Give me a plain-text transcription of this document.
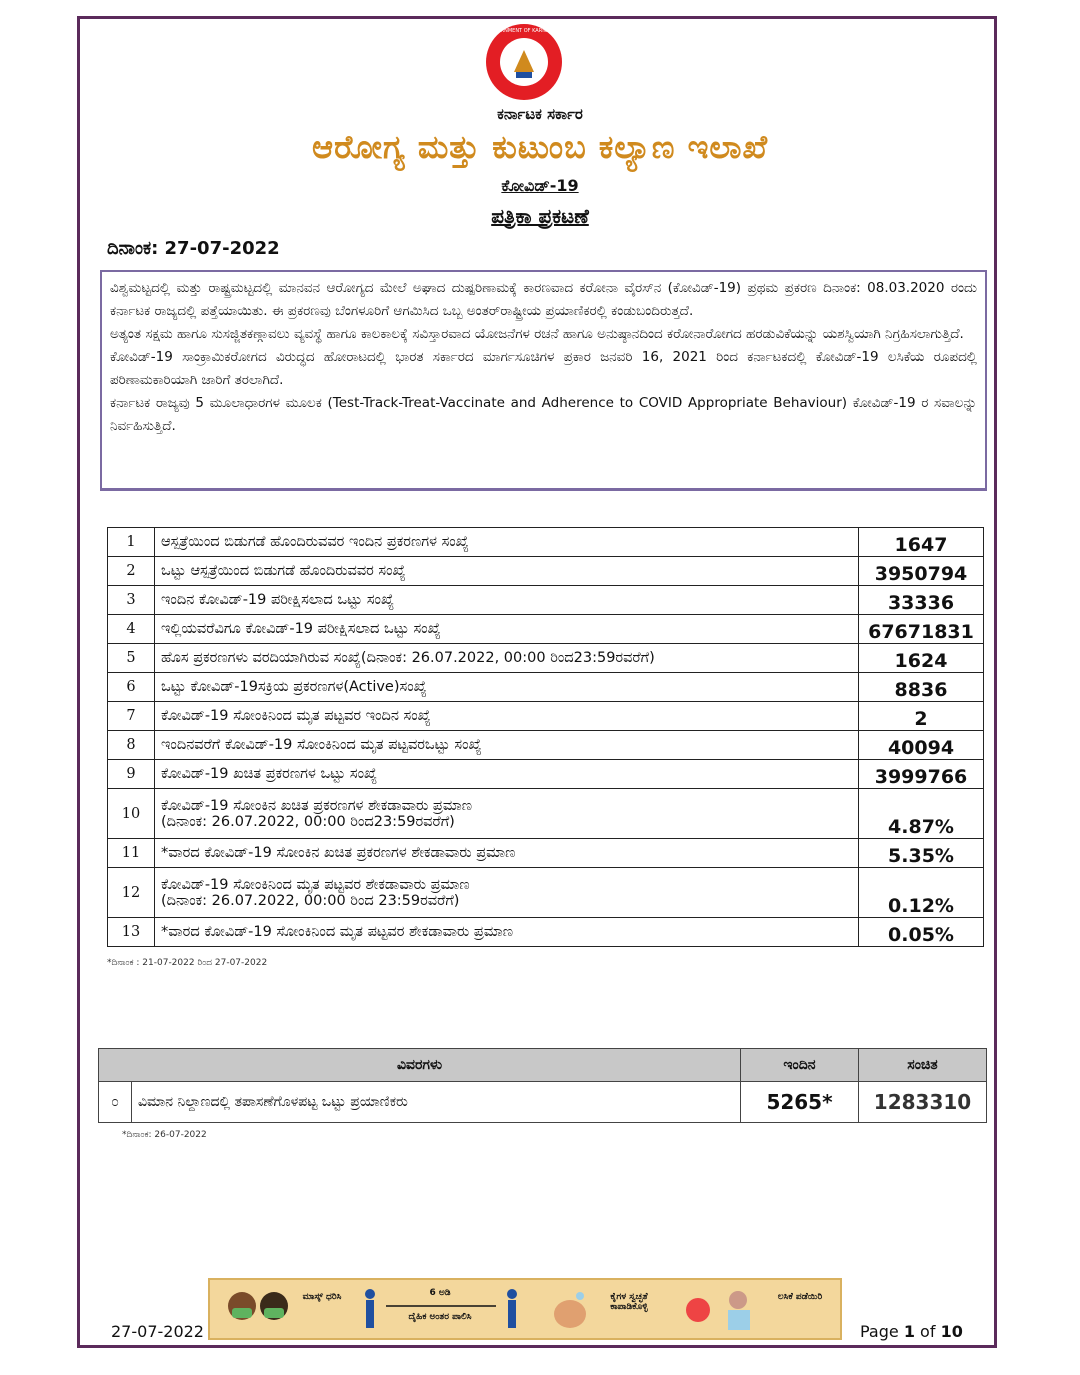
GOVERNMENT OF KARNATAKA
ಕರ್ನಾಟಕ ಸರ್ಕಾರ
ಆರೋಗ್ಯ ಮತ್ತು ಕುಟುಂಬ ಕಲ್ಯಾಣ ಇಲಾಖೆ
ಕೋವಿಡ್-19
ಪತ್ರಿಕಾ ಪ್ರಕಟಣೆ
ದಿನಾಂಕ: 27-07-2022

ವಿಶ್ವಮಟ್ಟದಲ್ಲಿ ಮತ್ತು ರಾಷ್ಟ್ರಮಟ್ಟದಲ್ಲಿ ಮಾನವನ ಆರೋಗ್ಯದ ಮೇಲೆ ಅಘಾದ ದುಷ್ಪರಿಣಾಮಕ್ಕೆ ಕಾರಣವಾದ ಕರೋನಾ ವೈರಸ್‌ನ (ಕೋವಿಡ್-19) ಪ್ರಥಮ ಪ್ರಕರಣ ದಿನಾಂಕ: 08.03.2020 ರಂದು ಕರ್ನಾಟಕ ರಾಜ್ಯದಲ್ಲಿ ಪತ್ತೆಯಾಯಿತು. ಈ ಪ್ರಕರಣವು ಬೆಂಗಳೂರಿಗೆ ಆಗಮಿಸಿದ ಒಬ್ಬ ಅಂತರ್‌ರಾಷ್ಟ್ರೀಯ ಪ್ರಯಾಣಿಕರಲ್ಲಿ ಕಂಡುಬಂದಿರುತ್ತದೆ.

ಅತ್ಯಂತ ಸಕ್ಷಮ ಹಾಗೂ ಸುಸಜ್ಜಿತಕಣ್ಗಾವಲು ವ್ಯವಸ್ಥೆ ಹಾಗೂ ಕಾಲಕಾಲಕ್ಕೆ ಸವಿಸ್ತಾರವಾದ ಯೋಜನೆಗಳ ರಚನೆ ಹಾಗೂ ಅನುಷ್ಠಾನದಿಂದ ಕರೋನಾರೋಗದ ಹರಡುವಿಕೆಯನ್ನು ಯಶಸ್ವಿಯಾಗಿ ನಿಗ್ರಹಿಸಲಾಗುತ್ತಿದೆ.

ಕೋವಿಡ್-19 ಸಾಂಕ್ರಾಮಿಕರೋಗದ ವಿರುದ್ಧದ ಹೋರಾಟದಲ್ಲಿ ಭಾರತ ಸರ್ಕಾರದ ಮಾರ್ಗಸೂಚಿಗಳ ಪ್ರಕಾರ ಜನವರಿ 16, 2021 ರಿಂದ ಕರ್ನಾಟಕದಲ್ಲಿ ಕೋವಿಡ್-19 ಲಸಿಕೆಯ ರೂಪದಲ್ಲಿ ಪರಿಣಾಮಕಾರಿಯಾಗಿ ಜಾರಿಗೆ ತರಲಾಗಿದೆ.

ಕರ್ನಾಟಕ ರಾಜ್ಯವು 5 ಮೂಲಾಧಾರಗಳ ಮೂಲಕ (Test-Track-Treat-Vaccinate and Adherence to COVID Appropriate Behaviour) ಕೋವಿಡ್-19 ರ ಸವಾಲನ್ನು ನಿರ್ವಹಿಸುತ್ತಿದೆ.

1	ಆಸ್ಪತ್ರೆಯಿಂದ ಬಿಡುಗಡೆ ಹೊಂದಿರುವವರ ಇಂದಿನ ಪ್ರಕರಣಗಳ ಸಂಖ್ಯೆ	1647
2	ಒಟ್ಟು ಆಸ್ಪತ್ರೆಯಿಂದ ಬಿಡುಗಡೆ ಹೊಂದಿರುವವರ ಸಂಖ್ಯೆ	3950794
3	ಇಂದಿನ ಕೋವಿಡ್-19 ಪರೀಕ್ಷಿಸಲಾದ ಒಟ್ಟು ಸಂಖ್ಯೆ	33336
4	ಇಲ್ಲಿಯವರೆವಿಗೂ ಕೋವಿಡ್-19 ಪರೀಕ್ಷಿಸಲಾದ ಒಟ್ಟು ಸಂಖ್ಯೆ	67671831
5	ಹೊಸ ಪ್ರಕರಣಗಳು ವರದಿಯಾಗಿರುವ ಸಂಖ್ಯೆ(ದಿನಾಂಕ: 26.07.2022, 00:00 ರಿಂದ23:59ರವರೆಗೆ)	1624
6	ಒಟ್ಟು ಕೋವಿಡ್-19ಸಕ್ರಿಯ ಪ್ರಕರಣಗಳ(Active)ಸಂಖ್ಯೆ	8836
7	ಕೋವಿಡ್-19 ಸೋಂಕಿನಿಂದ ಮೃತ ಪಟ್ಟವರ ಇಂದಿನ ಸಂಖ್ಯೆ	2
8	ಇಂದಿನವರೆಗೆ ಕೋವಿಡ್-19 ಸೋಂಕಿನಿಂದ ಮೃತ ಪಟ್ಟವರಒಟ್ಟು ಸಂಖ್ಯೆ	40094
9	ಕೋವಿಡ್-19 ಖಚಿತ ಪ್ರಕರಣಗಳ ಒಟ್ಟು ಸಂಖ್ಯೆ	3999766
10	ಕೋವಿಡ್-19 ಸೋಂಕಿನ ಖಚಿತ ಪ್ರಕರಣಗಳ ಶೇಕಡಾವಾರು ಪ್ರಮಾಣ
(ದಿನಾಂಕ: 26.07.2022, 00:00 ರಿಂದ23:59ರವರೆಗೆ)	4.87%
11	*ವಾರದ ಕೋವಿಡ್-19 ಸೋಂಕಿನ ಖಚಿತ ಪ್ರಕರಣಗಳ ಶೇಕಡಾವಾರು ಪ್ರಮಾಣ	5.35%
12	ಕೋವಿಡ್-19 ಸೋಂಕಿನಿಂದ ಮೃತ ಪಟ್ಟವರ ಶೇಕಡಾವಾರು ಪ್ರಮಾಣ
(ದಿನಾಂಕ: 26.07.2022, 00:00 ರಿಂದ 23:59ರವರೆಗೆ)	0.12%
13	*ವಾರದ ಕೋವಿಡ್-19 ಸೋಂಕಿನಿಂದ ಮೃತ ಪಟ್ಟವರ ಶೇಕಡಾವಾರು ಪ್ರಮಾಣ	0.05%
*ದಿನಾಂಕ : 21-07-2022 ರಿಂದ 27-07-2022
ವಿವರಗಳು		ಇಂದಿನ	ಸಂಚಿತ
೦	ವಿಮಾನ ನಿಲ್ದಾಣದಲ್ಲಿ ತಪಾಸಣೆಗೊಳಪಟ್ಟ ಒಟ್ಟು ಪ್ರಯಾಣಿಕರು	5265*	1283310
*ದಿನಾಂಕ: 26-07-2022
ಮಾಸ್ಕ್ ಧರಿಸಿ	6 ಅಡಿ
ದೈಹಿಕ ಅಂತರ ಪಾಲಿಸಿ
ಕೈಗಳ ಸ್ವಚ್ಛತೆ ಕಾಪಾಡಿಕೊಳ್ಳಿ
ಲಸಿಕೆ ಪಡೆಯಿರಿ
27-07-2022	Page 1 of 10
